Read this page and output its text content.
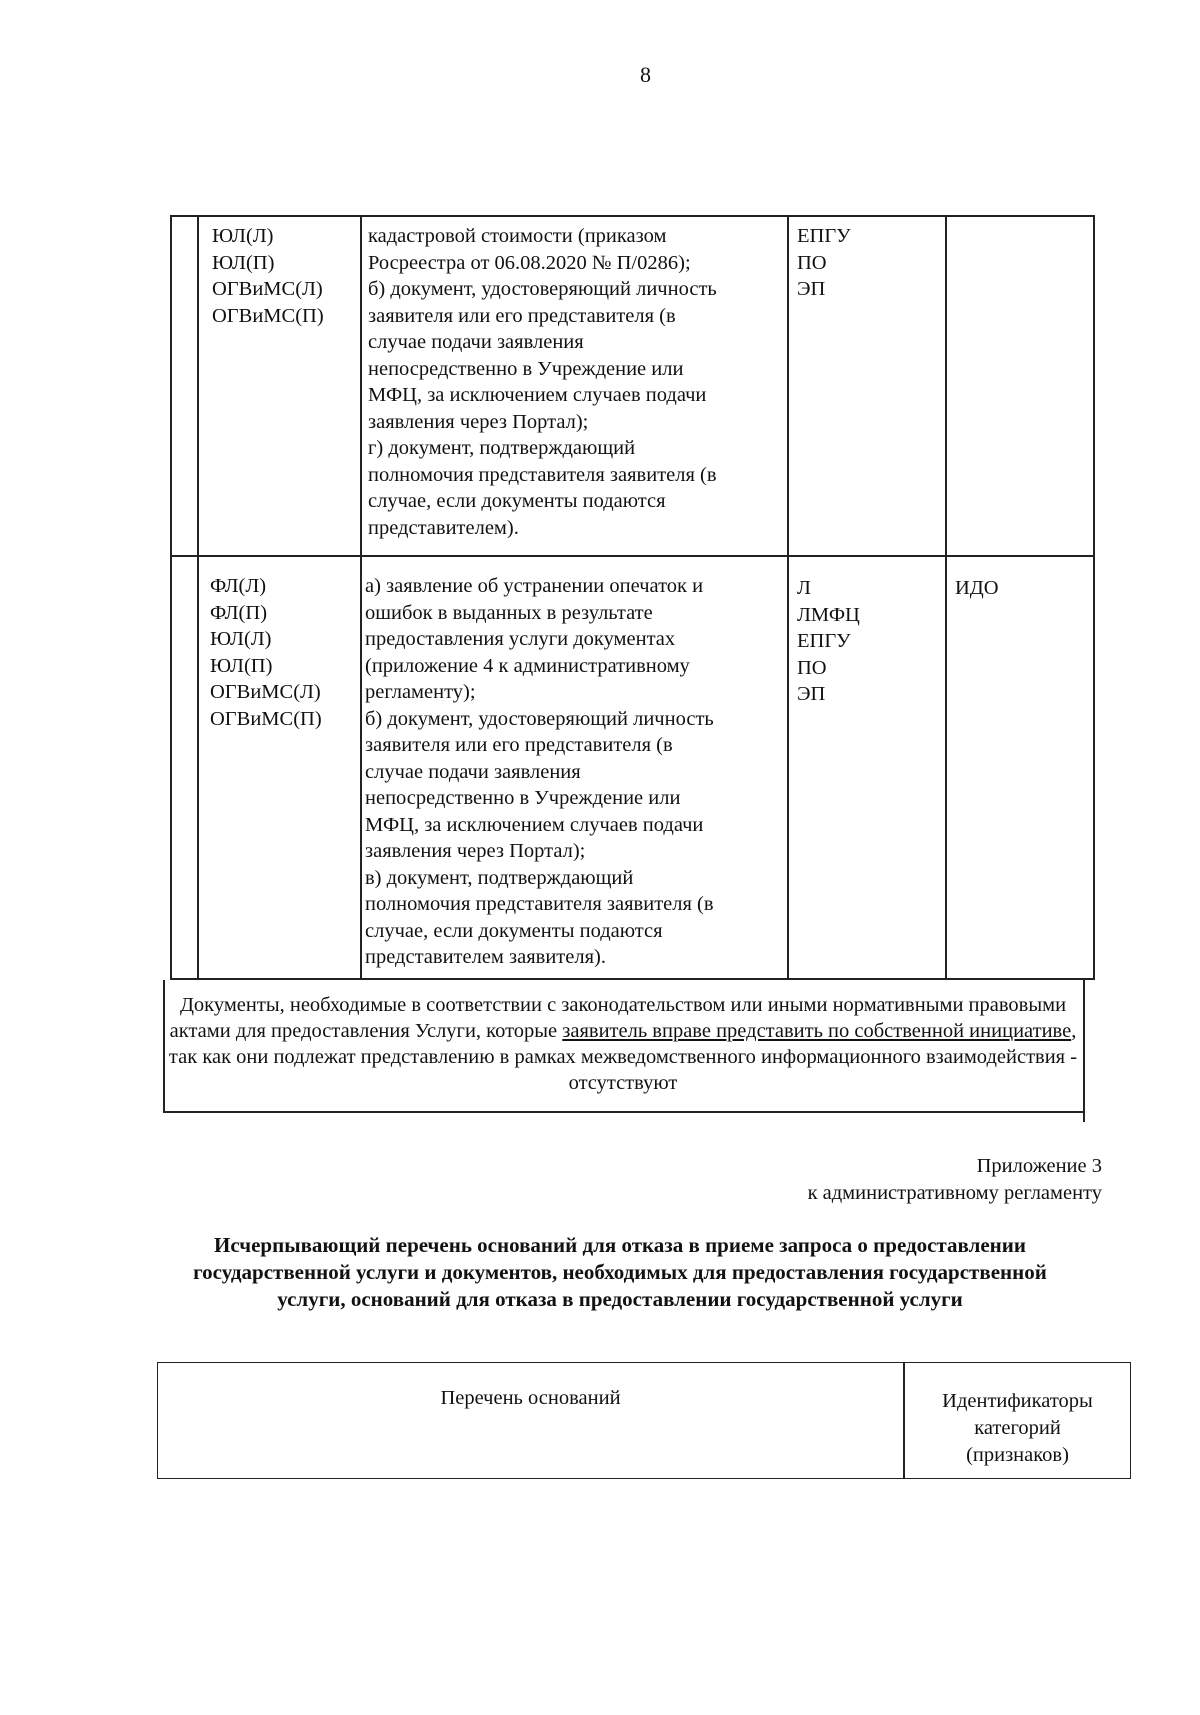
8
ЮЛ(Л)
ЮЛ(П)
ОГВиМС(Л)
ОГВиМС(П)
кадастровой стоимости (приказом
Росреестра от 06.08.2020 № П/0286);
б) документ, удостоверяющий личность
заявителя или его представителя (в
случае подачи заявления
непосредственно в Учреждение или
МФЦ, за исключением случаев подачи
заявления через Портал);
г) документ, подтверждающий
полномочия представителя заявителя (в
случае, если документы подаются
представителем).
ЕПГУ
ПО
ЭП
ФЛ(Л)
ФЛ(П)
ЮЛ(Л)
ЮЛ(П)
ОГВиМС(Л)
ОГВиМС(П)
а) заявление об устранении опечаток и
ошибок в выданных в результате
предоставления услуги документах
(приложение 4 к административному
регламенту);
б) документ, удостоверяющий личность
заявителя или его представителя (в
случае подачи заявления
непосредственно в Учреждение или
МФЦ, за исключением случаев подачи
заявления через Портал);
в) документ, подтверждающий
полномочия представителя заявителя (в
случае, если документы подаются
представителем заявителя).
Л
ЛМФЦ
ЕПГУ
ПО
ЭП
ИДО
Документы, необходимые в соответствии с законодательством или иными нормативными правовыми актами для предоставления Услуги, которые заявитель вправе представить по собственной инициативе, так как они подлежат представлению в рамках межведомственного информационного взаимодействия - отсутствуют
Приложение 3
к административному регламенту
Исчерпывающий перечень оснований для отказа в приеме запроса о предоставлении государственной услуги и документов, необходимых для предоставления государственной услуги, оснований для отказа в предоставлении государственной услуги
Перечень оснований	Идентификаторы
категорий
(признаков)
